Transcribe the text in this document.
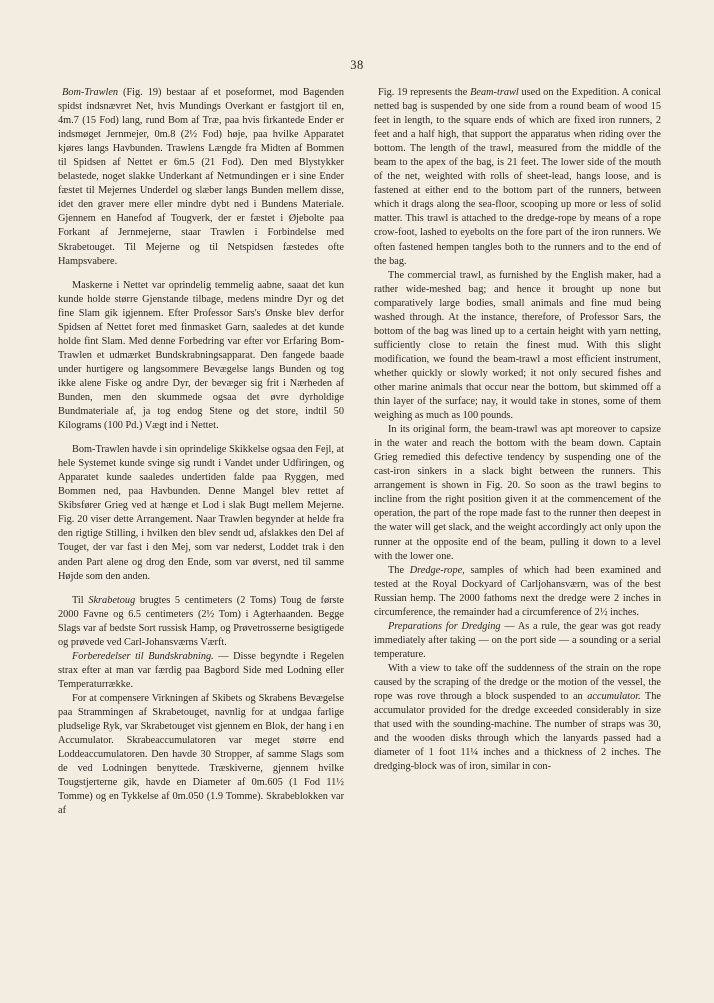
38

Bom-Trawlen (Fig. 19) bestaar af et poseformet, mod Bagenden spidst indsnævret Net, hvis Mundings Overkant er fastgjort til en, 4m.7 (15 Fod) lang, rund Bom af Træ, paa hvis firkantede Ender er indsmøget Jernmejer, 0m.8 (2½ Fod) høje, paa hvilke Apparatet kjøres langs Havbunden. Trawlens Længde fra Midten af Bommen til Spidsen af Nettet er 6m.5 (21 Fod). Den med Blystykker belastede, noget slakke Underkant af Netmundingen er i sine Ender fæstet til Mejernes Underdel og slæber langs Bunden mellem disse, idet den graver mere eller mindre dybt ned i Bundens Materiale. Gjennem en Hanefod af Tougverk, der er fæstet i Øjebolte paa Forkant af Jernmejerne, staar Trawlen i Forbindelse med Skrabetouget. Til Mejerne og til Netspidsen fæstedes ofte Hampsvabere.

Maskerne i Nettet var oprindelig temmelig aabne, saaat det kun kunde holde større Gjenstande tilbage, medens mindre Dyr og det fine Slam gik igjennem. Efter Professor Sars's Ønske blev derfor Spidsen af Nettet foret med finmasket Garn, saaledes at det kunde holde fint Slam. Med denne Forbedring var efter vor Erfaring Bom-Trawlen et udmærket Bundskrabningsapparat. Den fangede baade under hurtigere og langsommere Bevægelse langs Bunden og tog ikke alene Fiske og andre Dyr, der bevæger sig frit i Nærheden af Bunden, men den skummede ogsaa det øvre dyrholdige Bundmateriale af, ja tog endog Stene og det store, indtil 50 Kilograms (100 Pd.) Vægt ind i Nettet.

Bom-Trawlen havde i sin oprindelige Skikkelse ogsaa den Fejl, at hele Systemet kunde svinge sig rundt i Vandet under Udfiringen, og Apparatet kunde saaledes undertiden falde paa Ryggen, med Bommen ned, paa Havbunden. Denne Mangel blev rettet af Skibsfører Grieg ved at hænge et Lod i slak Bugt mellem Mejerne. Fig. 20 viser dette Arrangement. Naar Trawlen begynder at helde fra den rigtige Stilling, i hvilken den blev sendt ud, afslakkes den Del af Touget, der var fast i den Mej, som var nederst, Loddet trak i den anden Part alene og drog den Ende, som var øverst, ned til samme Højde som den anden.

Til Skrabetoug brugtes 5 centimeters (2 Toms) Toug de første 2000 Favne og 6.5 centimeters (2½ Tom) i Agterhaanden. Begge Slags var af bedste Sort russisk Hamp, og Prøvetrosserne besigtigede og prøvede ved Carl-Johansværns Værft.

Forberedelser til Bundskrabning. — Disse begyndte i Regelen strax efter at man var færdig paa Bagbord Side med Lodning eller Temperaturrække.

For at compensere Virkningen af Skibets og Skrabens Bevægelse paa Strammingen af Skrabetouget, navnlig for at undgaa farlige pludselige Ryk, var Skrabetouget vist gjennem en Blok, der hang i en Accumulator. Skrabeaccumulatoren var meget større end Loddeaccumulatoren. Den havde 30 Stropper, af samme Slags som de ved Lodningen benyttede. Træskiverne, gjennem hvilke Tougstjerterne gik, havde en Diameter af 0m.605 (1 Fod 11½ Tomme) og en Tykkelse af 0m.050 (1.9 Tomme). Skrabeblokken var af

Fig. 19 represents the Beam-trawl used on the Expedition. A conical netted bag is suspended by one side from a round beam of wood 15 feet in length, to the square ends of which are fixed iron runners, 2 feet and a half high, that support the apparatus when riding over the bottom. The length of the trawl, measured from the middle of the beam to the apex of the bag, is 21 feet. The lower side of the mouth of the net, weighted with rolls of sheet-lead, hangs loose, and is fastened at either end to the bottom part of the runners, between which it drags along the sea-floor, scooping up more or less of solid matter. This trawl is attached to the dredge-rope by means of a rope crow-foot, lashed to eyebolts on the fore part of the iron runners. We often fastened hempen tangles both to the runners and to the end of the bag.

The commercial trawl, as furnished by the English maker, had a rather wide-meshed bag; and hence it brought up none but comparatively large bodies, small animals and fine mud being washed through. At the instance, therefore, of Professor Sars, the bottom of the bag was lined up to a certain height with yarn netting, sufficiently close to retain the finest mud. With this slight modification, we found the beam-trawl a most efficient instrument, whether quickly or slowly worked; it not only secured fishes and other marine animals that occur near the bottom, but skimmed off a thin layer of the surface; nay, it would take in stones, some of them weighing as much as 100 pounds.

In its original form, the beam-trawl was apt moreover to capsize in the water and reach the bottom with the beam down. Captain Grieg remedied this defective tendency by suspending one of the cast-iron sinkers in a slack bight between the runners. This arrangement is shown in Fig. 20. So soon as the trawl begins to incline from the right position given it at the commencement of the operation, the part of the rope made fast to the runner then deepest in the water will get slack, and the weight accordingly act only upon the runner at the opposite end of the beam, pulling it down to a level with the lower one.

The Dredge-rope, samples of which had been examined and tested at the Royal Dockyard of Carljohansværn, was of the best Russian hemp. The 2000 fathoms next the dredge were 2 inches in circumference, the remainder had a circumference of 2½ inches.

Preparations for Dredging — As a rule, the gear was got ready immediately after taking — on the port side — a sounding or a serial temperature.

With a view to take off the suddenness of the strain on the rope caused by the scraping of the dredge or the motion of the vessel, the rope was rove through a block suspended to an accumulator. The accumulator provided for the dredge exceeded considerably in size that used with the sounding-machine. The number of straps was 30, and the wooden disks through which the lanyards passed had a diameter of 1 foot 11¼ inches and a thickness of 2 inches. The dredging-block was of iron, similar in con-
